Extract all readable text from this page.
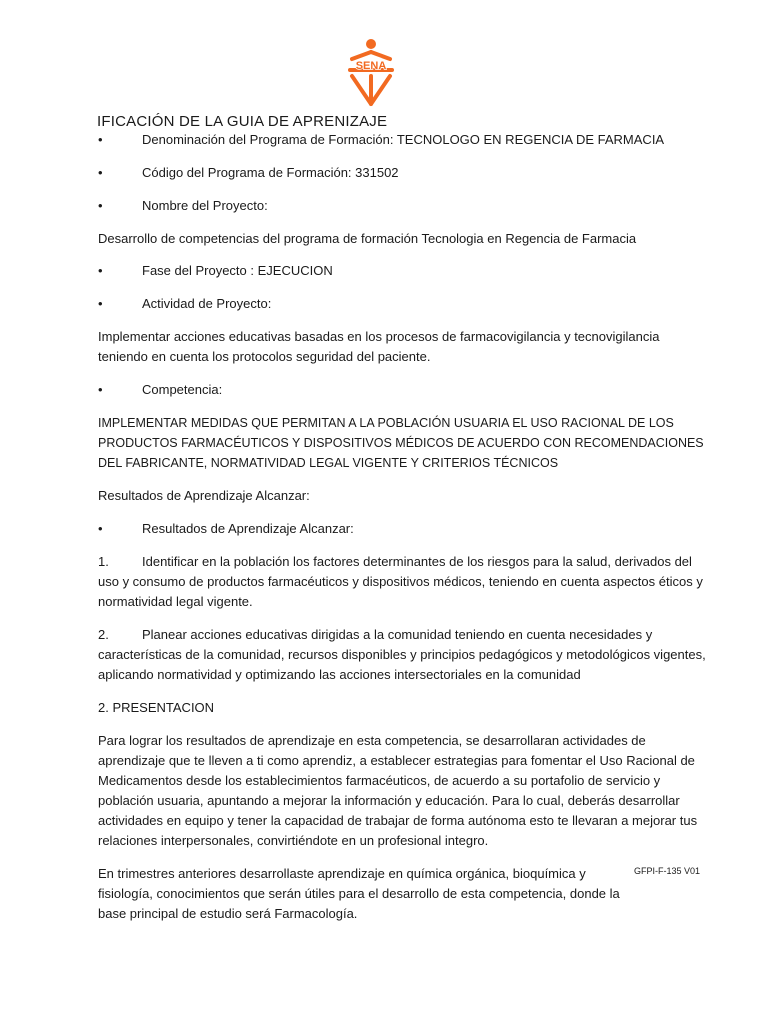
SENA
IFICACIÓN DE LA GUIA DE APRENIZAJE
•	Denominación del Programa de Formación: TECNOLOGO EN REGENCIA DE FARMACIA
•	Código del Programa de Formación: 331502
•	Nombre del Proyecto:

Desarrollo de competencias del programa de formación Tecnologia en Regencia de Farmacia

•	Fase del Proyecto : EJECUCION
•	Actividad de Proyecto:

Implementar acciones educativas basadas en los procesos de farmacovigilancia y tecnovigilancia teniendo en cuenta los protocolos seguridad del paciente.

•	Competencia:

IMPLEMENTAR MEDIDAS QUE PERMITAN A LA POBLACIÓN USUARIA EL USO RACIONAL DE LOS PRODUCTOS FARMACÉUTICOS Y DISPOSITIVOS MÉDICOS DE ACUERDO CON RECOMENDACIONES DEL FABRICANTE, NORMATIVIDAD LEGAL VIGENTE Y CRITERIOS TÉCNICOS

Resultados de Aprendizaje Alcanzar:

•	Resultados de Aprendizaje Alcanzar:
1.	Identificar en la población los factores determinantes de los riesgos para la salud, derivados del uso y consumo de productos farmacéuticos y dispositivos médicos, teniendo en cuenta aspectos éticos y normatividad legal vigente.
2.	Planear acciones educativas dirigidas a la comunidad teniendo en cuenta necesidades y características de la comunidad, recursos disponibles y principios pedagógicos y metodológicos vigentes, aplicando normatividad y optimizando las acciones intersectoriales en la comunidad

2. PRESENTACION

Para lograr los resultados de aprendizaje en esta competencia, se desarrollaran actividades de aprendizaje que te lleven a ti como aprendiz, a establecer estrategias para fomentar el Uso Racional de Medicamentos desde los establecimientos farmacéuticos, de acuerdo a su portafolio de servicio y población usuaria, apuntando a mejorar la información y educación. Para lo cual, deberás desarrollar actividades en equipo y tener la capacidad de trabajar de forma autónoma esto te llevaran a mejorar tus relaciones interpersonales, convirtiéndote en un profesional integro.

En trimestres anteriores desarrollaste aprendizaje en química orgánica, bioquímica y fisiología, conocimientos que serán útiles para el desarrollo de esta competencia, donde la base principal de estudio será Farmacología.

GFPI-F-135 V01
